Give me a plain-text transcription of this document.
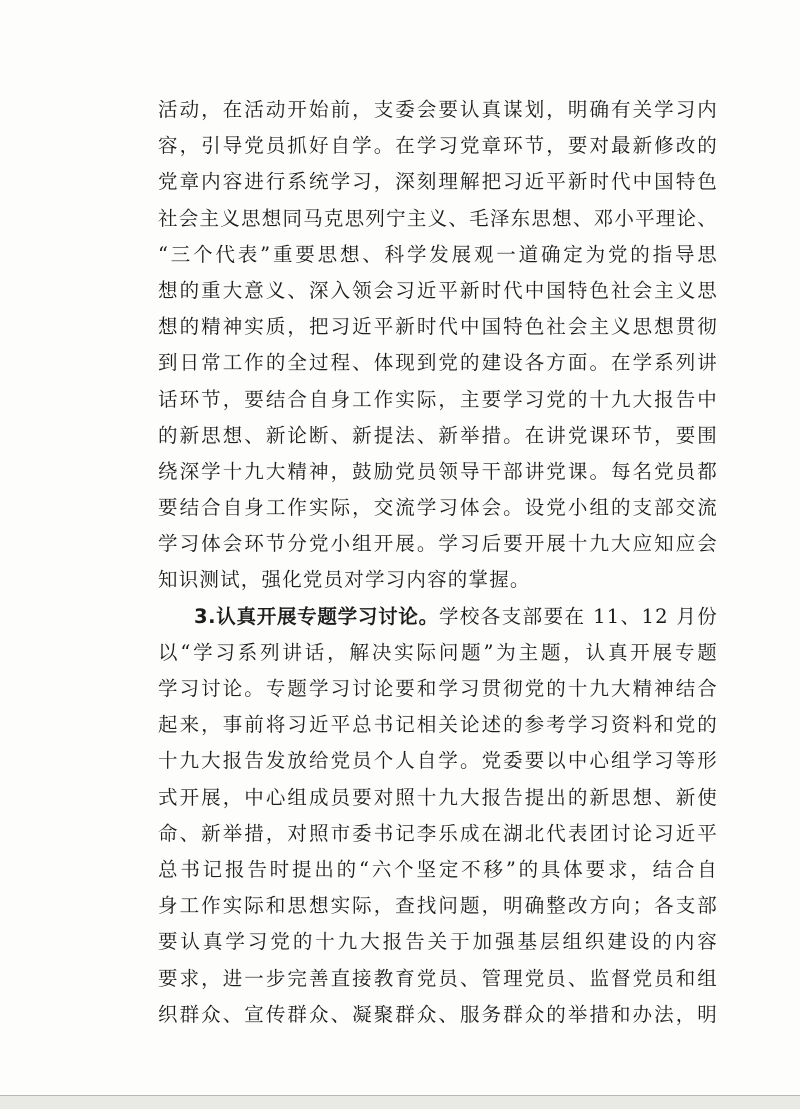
活动，在活动开始前，支委会要认真谋划，明确有关学习内
容，引导党员抓好自学。在学习党章环节，要对最新修改的
党章内容进行系统学习，深刻理解把习近平新时代中国特色
社会主义思想同马克思列宁主义、毛泽东思想、邓小平理论、
“三个代表”重要思想、科学发展观一道确定为党的指导思
想的重大意义、深入领会习近平新时代中国特色社会主义思
想的精神实质，把习近平新时代中国特色社会主义思想贯彻
到日常工作的全过程、体现到党的建设各方面。在学系列讲
话环节，要结合自身工作实际，主要学习党的十九大报告中
的新思想、新论断、新提法、新举措。在讲党课环节，要围
绕深学十九大精神，鼓励党员领导干部讲党课。每名党员都
要结合自身工作实际，交流学习体会。设党小组的支部交流
学习体会环节分党小组开展。学习后要开展十九大应知应会
知识测试，强化党员对学习内容的掌握。
3.认真开展专题学习讨论。学校各支部要在 11、12 月份
以“学习系列讲话，解决实际问题”为主题，认真开展专题
学习讨论。专题学习讨论要和学习贯彻党的十九大精神结合
起来，事前将习近平总书记相关论述的参考学习资料和党的
十九大报告发放给党员个人自学。党委要以中心组学习等形
式开展，中心组成员要对照十九大报告提出的新思想、新使
命、新举措，对照市委书记李乐成在湖北代表团讨论习近平
总书记报告时提出的“六个坚定不移”的具体要求，结合自
身工作实际和思想实际，查找问题，明确整改方向；各支部
要认真学习党的十九大报告关于加强基层组织建设的内容
要求，进一步完善直接教育党员、管理党员、监督党员和组
织群众、宣传群众、凝聚群众、服务群众的举措和办法，明
